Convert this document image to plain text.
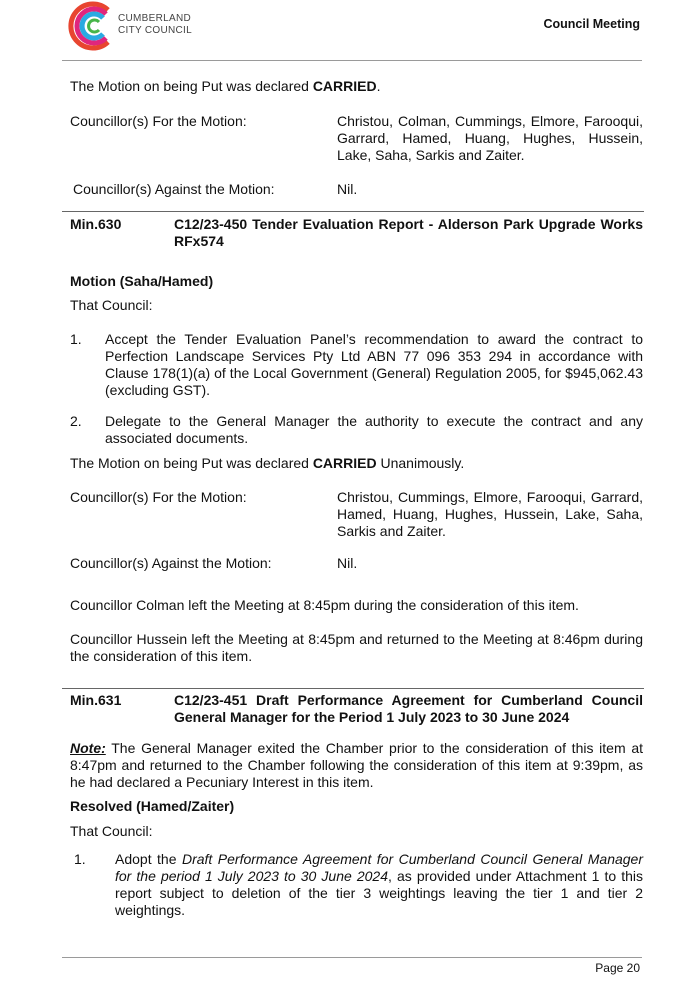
CUMBERLAND
CITY COUNCIL	Council Meeting
The Motion on being Put was declared CARRIED.
Councillor(s) For the Motion:	Christou, Colman, Cummings, Elmore, Farooqui, Garrard, Hamed, Huang, Hughes, Hussein, Lake, Saha, Sarkis and Zaiter.
Councillor(s) Against the Motion:	Nil.
Min.630	C12/23-450 Tender Evaluation Report - Alderson Park Upgrade Works RFx574
Motion (Saha/Hamed)
That Council:
1. Accept the Tender Evaluation Panel’s recommendation to award the contract to Perfection Landscape Services Pty Ltd ABN 77 096 353 294 in accordance with Clause 178(1)(a) of the Local Government (General) Regulation 2005, for $945,062.43 (excluding GST).
2. Delegate to the General Manager the authority to execute the contract and any associated documents.
The Motion on being Put was declared CARRIED Unanimously.
Councillor(s) For the Motion:	Christou, Cummings, Elmore, Farooqui, Garrard, Hamed, Huang, Hughes, Hussein, Lake, Saha, Sarkis and Zaiter.
Councillor(s) Against the Motion:	Nil.
Councillor Colman left the Meeting at 8:45pm during the consideration of this item.
Councillor Hussein left the Meeting at 8:45pm and returned to the Meeting at 8:46pm during the consideration of this item.
Min.631	C12/23-451 Draft Performance Agreement for Cumberland Council General Manager for the Period 1 July 2023 to 30 June 2024
Note: The General Manager exited the Chamber prior to the consideration of this item at 8:47pm and returned to the Chamber following the consideration of this item at 9:39pm, as he had declared a Pecuniary Interest in this item.
Resolved (Hamed/Zaiter)
That Council:
1. Adopt the Draft Performance Agreement for Cumberland Council General Manager for the period 1 July 2023 to 30 June 2024, as provided under Attachment 1 to this report subject to deletion of the tier 3 weightings leaving the tier 1 and tier 2 weightings.
Page 20
